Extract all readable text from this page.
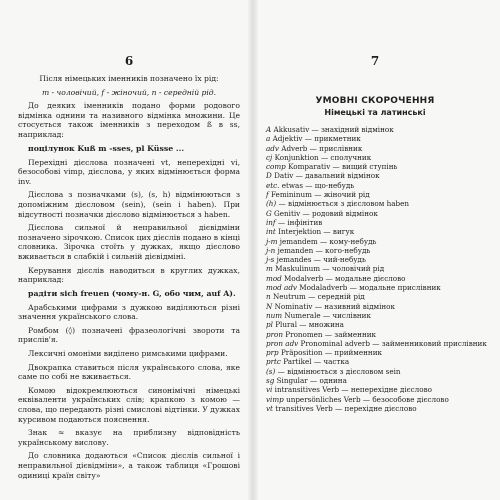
6
Після німецьких іменників позначено їх рід:
m - чоловічий, f - жіночий, n - середній рід.
До деяких іменників подано форми родового відмінка однини та називного відмінка множини. Це стосується також іменників з переходом ß в ss, наприклад:
поцілунок Kuß m -sses, pl Küsse ...
Перехідні дієслова позначені vt, неперехідні vi, безособові vimp, дієслова, у яких відмінюється форма inv.
Дієслова з позначками (s), (s, h) відмінюються з допоміжним дієсловом (sein), (sein і haben). При відсутності позначки дієслово відмінюється з haben.
Дієслова сильної й неправильної дієвідміни позначено зірочкою. Список цих дієслів подано в кінці словника. Зірочка стоїть у дужках, якщо дієслово вживається в слабкій і сильній дієвідміні.
Керування дієслів наводиться в круглих дужках, наприклад:
радіти sich freuen (чому-н. G, обо чим, auf A).
Арабськими цифрами з дужкою виділяються різні значення українського слова.
Ромбом (◊) позначені фразеологічні звороти та прислів'я.
Лексичні омоніми виділено римськими цифрами.
Двокрапка ставиться після українського слова, яке саме по собі не вживається.
Комою відокремлюються синонімічні німецькі еквіваленти українських слів; крапкою з комою — слова, що передають різні смислові відтінки. У дужках курсивом подаються пояснення.
Знак ≈ вказує на приблизну відповідність українському вислову.
До словника додаються «Список дієслів сильної і неправильної дієвідміни», а також таблиця «Грошові одиниці країн світу»
7
УМОВНІ СКОРОЧЕННЯ
Німецькі та латинські
A Akkusativ — знахідний відмінок
a Adjektiv — прикметник
adv Adverb — прислівник
cj Konjunktion — сполучник
comp Komparativ — вищий ступінь
D Dativ — давальний відмінок
etc. etwas — що-небудь
f Femininum — жіночий рід
(h) — відмінюється з дієсловом haben
G Genitiv — родовий відмінок
inf — інфінітив
int Interjektion — вигук
j-m jemandem — кому-небудь
j-n jemanden — кого-небудь
j-s jemandes — чий-небудь
m Maskulinum — чоловічий рід
mod Modalverb — модальне дієслово
mod adv Modaladverb — модальне прислівник
n Neutrum — середній рід
N Nominativ — називний відмінок
num Numerale — числівник
pl Plural — множина
pron Pronomen — займенник
pron adv Pronominal adverb — займенниковий прислівник
prp Präposition — прийменник
prtc Partikel — частка
(s) — відмінюється з дієсловом sein
sg Singular — однина
vi intransitives Verb — неперехідне дієслово
vimp unpersönliches Verb — безособове дієслово
vt transitives Verb — перехідне дієслово
